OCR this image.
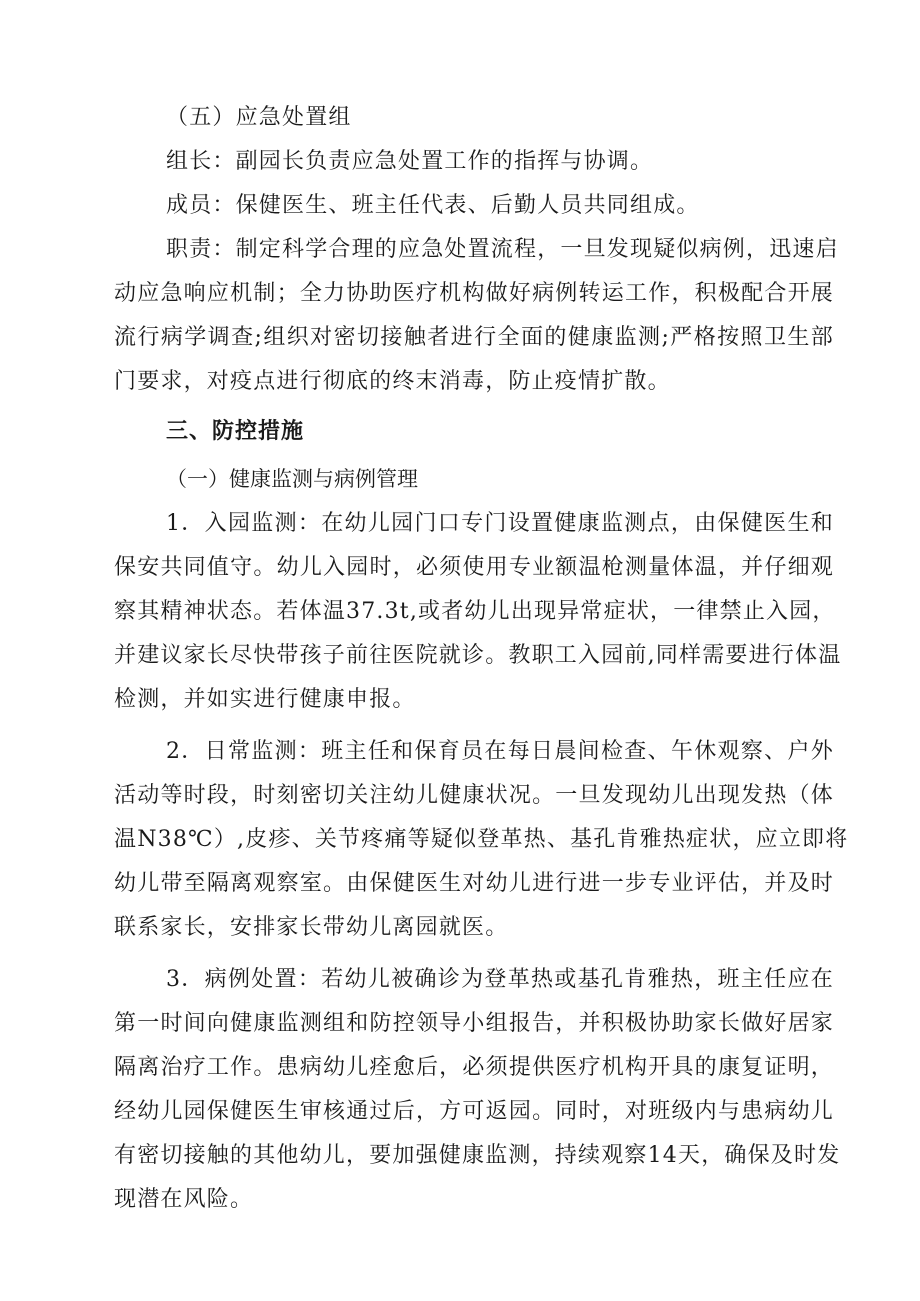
（五）应急处置组
组长：副园长负责应急处置工作的指挥与协调。
成员：保健医生、班主任代表、后勤人员共同组成。
职责：制定科学合理的应急处置流程，一旦发现疑似病例，迅速启
动应急响应机制；全力协助医疗机构做好病例转运工作，积极配合开展
流行病学调查;组织对密切接触者进行全面的健康监测;严格按照卫生部
门要求，对疫点进行彻底的终末消毒，防止疫情扩散。
三、防控措施
（一）健康监测与病例管理
1．入园监测：在幼儿园门口专门设置健康监测点，由保健医生和
保安共同值守。幼儿入园时，必须使用专业额温枪测量体温，并仔细观
察其精神状态。若体温37.3t,或者幼儿出现异常症状，一律禁止入园，
并建议家长尽快带孩子前往医院就诊。教职工入园前,同样需要进行体温
检测，并如实进行健康申报。
2．日常监测：班主任和保育员在每日晨间检查、午休观察、户外
活动等时段，时刻密切关注幼儿健康状况。一旦发现幼儿出现发热（体
温N38℃）,皮疹、关节疼痛等疑似登革热、基孔肯雅热症状，应立即将
幼儿带至隔离观察室。由保健医生对幼儿进行进一步专业评估，并及时
联系家长，安排家长带幼儿离园就医。
3．病例处置：若幼儿被确诊为登革热或基孔肯雅热，班主任应在
第一时间向健康监测组和防控领导小组报告，并积极协助家长做好居家
隔离治疗工作。患病幼儿痊愈后，必须提供医疗机构开具的康复证明，
经幼儿园保健医生审核通过后，方可返园。同时，对班级内与患病幼儿
有密切接触的其他幼儿，要加强健康监测，持续观察14天，确保及时发
现潜在风险。
